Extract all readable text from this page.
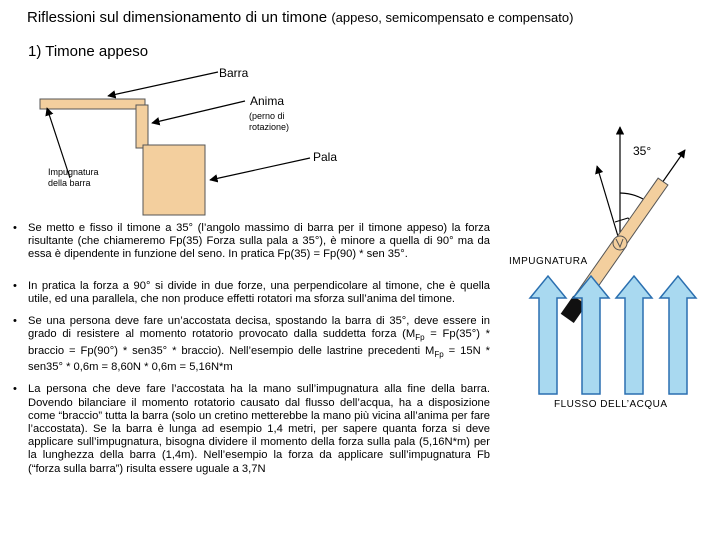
Riflessioni sul dimensionamento di un timone (appeso, semicompensato e compensato)
1) Timone appeso
Barra
Anima
(perno di
rotazione)
Pala
Impugnatura
della barra
35°
IMPUGNATURA
FLUSSO DELL’ACQUA
• Se metto e fisso il timone a 35° (l’angolo massimo di barra per il timone appeso) la forza risultante (che chiameremo Fp(35) Forza sulla pala a 35°), è minore a quella di 90° ma da essa è dipendente in funzione del seno. In pratica Fp(35) = Fp(90) * sen 35°.
• In pratica la forza a 90° si divide in due forze, una perpendicolare al timone, che è quella utile, ed una parallela, che non produce effetti rotatori ma sforza sull’anima del timone.
• Se una persona deve fare un’accostata decisa, spostando la barra di 35°, deve essere in grado di resistere al momento rotatorio provocato dalla suddetta forza ($M_{Fp} = Fp(35^\circ)$ * braccio = Fp(90°) * sen35° * braccio). Nell’esempio delle lastrine precedenti $M_{Fp} = 15N * sen35^\circ * 0,6m = 8,60N * 0,6m = 5,16N*m$
• La persona che deve fare l’accostata ha la mano sull’impugnatura alla fine della barra. Dovendo bilanciare il momento rotatorio causato dal flusso dell’acqua, ha a disposizione come “braccio” tutta la barra (solo un cretino metterebbe la mano più vicina all’anima per fare l’accostata). Se la barra è lunga ad esempio 1,4 metri, per sapere quanta forza si deve applicare sull’impugnatura, bisogna dividere il momento della forza sulla pala (5,16N*m) per la lunghezza della barra (1,4m). Nell’esempio la forza da applicare sull’impugnatura Fb (“forza sulla barra”) risulta essere uguale a 3,7N
